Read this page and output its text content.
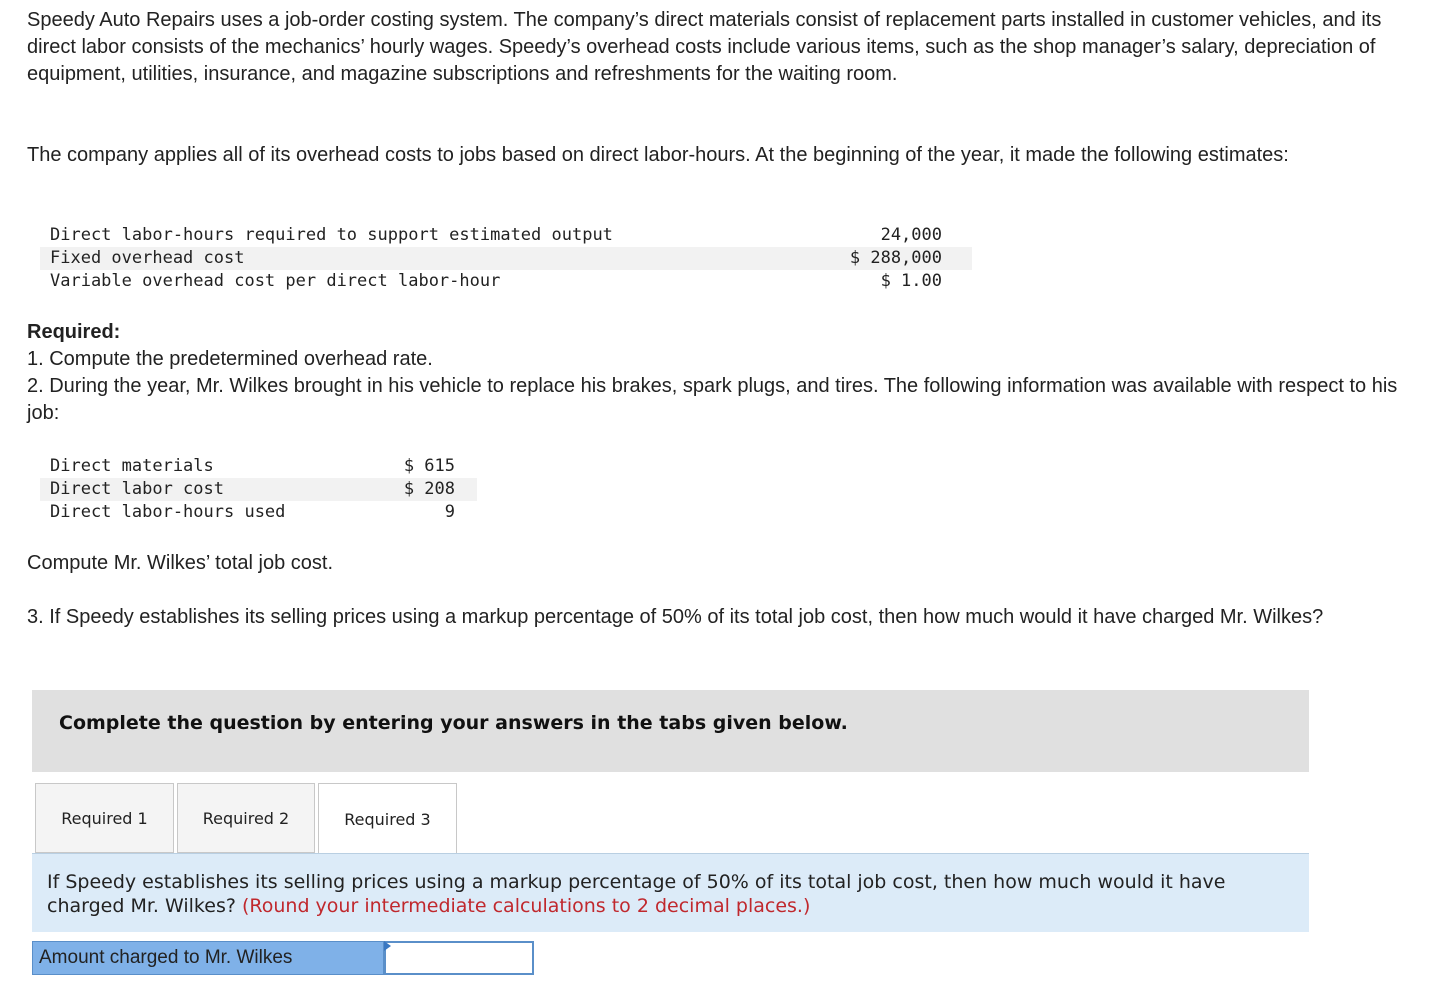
Speedy Auto Repairs uses a job-order costing system. The company’s direct materials consist of replacement parts installed in customer vehicles, and its direct labor consists of the mechanics’ hourly wages. Speedy’s overhead costs include various items, such as the shop manager’s salary, depreciation of equipment, utilities, insurance, and magazine subscriptions and refreshments for the waiting room.

The company applies all of its overhead costs to jobs based on direct labor-hours. At the beginning of the year, it made the following estimates:

Direct labor-hours required to support estimated output	24,000
Fixed overhead cost	$ 288,000
Variable overhead cost per direct labor-hour	$ 1.00

Required:

1. Compute the predetermined overhead rate.

2. During the year, Mr. Wilkes brought in his vehicle to replace his brakes, spark plugs, and tires. The following information was available with respect to his job:

Direct materials	$ 615
Direct labor cost	$ 208
Direct labor-hours used	9

Compute Mr. Wilkes’ total job cost.

3. If Speedy establishes its selling prices using a markup percentage of 50% of its total job cost, then how much would it have charged Mr. Wilkes?

Complete the question by entering your answers in the tabs given below.
Required 1	Required 2	Required 3

If Speedy establishes its selling prices using a markup percentage of 50% of its total job cost, then how much would it have charged Mr. Wilkes? (Round your intermediate calculations to 2 decimal places.)

Amount charged to Mr. Wilkes
